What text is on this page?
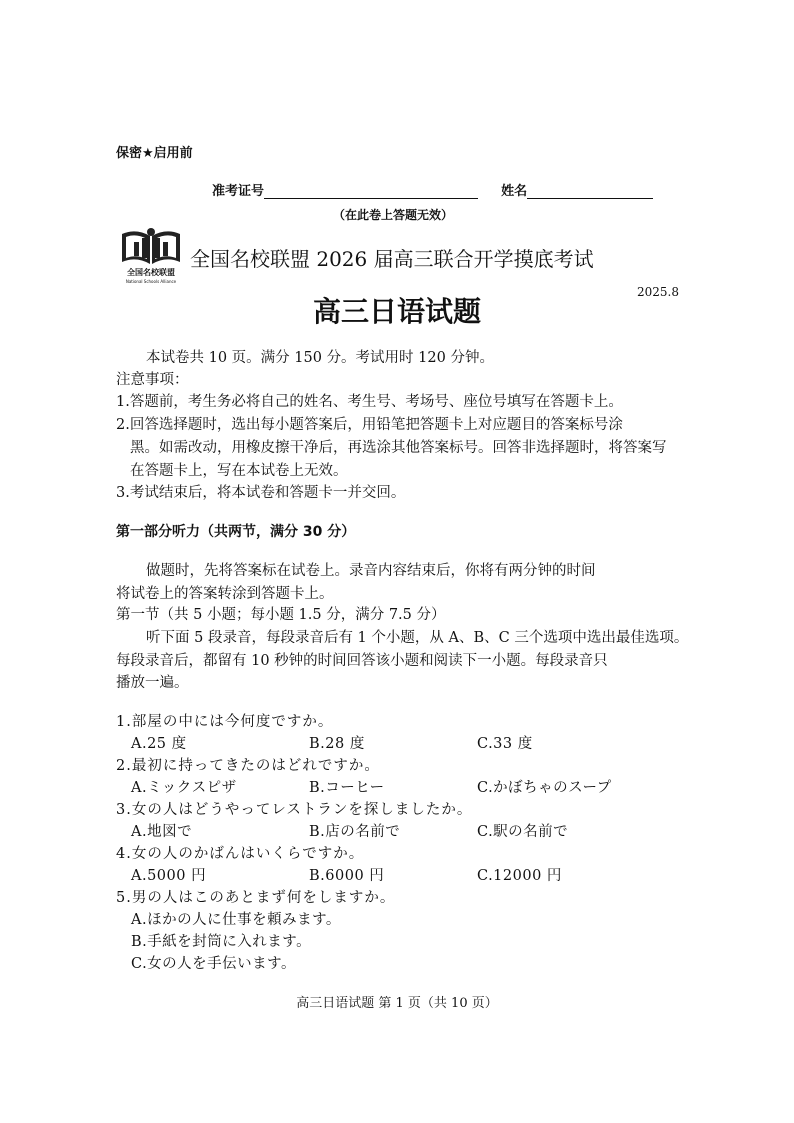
保密★启用前
准考证号	姓名
（在此卷上答题无效）
全国名校联盟
National Schools Alliance
全国名校联盟 2026 届高三联合开学摸底考试
2025.8
高三日语试题
本试卷共 10 页。满分 150 分。考试用时 120 分钟。
注意事项：
1.答题前，考生务必将自己的姓名、考生号、考场号、座位号填写在答题卡上。
2.回答选择题时，选出每小题答案后，用铅笔把答题卡上对应题目的答案标号涂
黑。如需改动，用橡皮擦干净后，再选涂其他答案标号。回答非选择题时，将答案写
在答题卡上，写在本试卷上无效。
3.考试结束后，将本试卷和答题卡一并交回。
第一部分听力（共两节，满分 30 分）
做题时，先将答案标在试卷上。录音内容结束后，你将有两分钟的时间
将试卷上的答案转涂到答题卡上。
第一节（共 5 小题；每小题 1.5 分，满分 7.5 分）
听下面 5 段录音，每段录音后有 1 个小题，从 A、B、C 三个选项中选出最佳选项。
每段录音后，都留有 10 秒钟的时间回答该小题和阅读下一小题。每段录音只
播放一遍。
1.部屋の中には今何度ですか。
A.25 度	B.28 度	C.33 度
2.最初に持ってきたのはどれですか。
A.ミックスピザ	B.コーヒー	C.かぼちゃのスープ
3.女の人はどうやってレストランを探しましたか。
A.地図で	B.店の名前で	C.駅の名前で
4.女の人のかばんはいくらですか。
A.5000 円	B.6000 円	C.12000 円
5.男の人はこのあとまず何をしますか。
A.ほかの人に仕事を頼みます。
B.手紙を封筒に入れます。
C.女の人を手伝います。
高三日语试题 第 1 页（共 10 页）
